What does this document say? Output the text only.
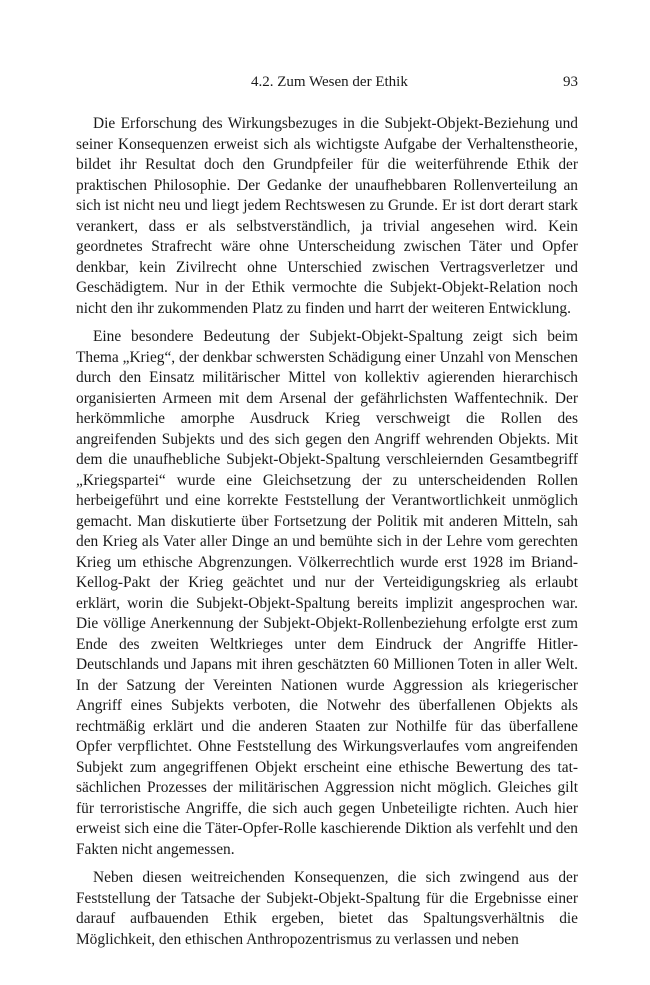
4.2. Zum Wesen der Ethik	93

Die Erforschung des Wirkungsbezuges in die Subjekt-Objekt-Beziehung und seiner Konsequenzen erweist sich als wichtigste Aufgabe der Verhaltenstheorie, bildet ihr Resultat doch den Grundpfeiler für die weiterführende Ethik der praktischen Philosophie. Der Gedanke der unaufhebbaren Rollenverteilung an sich ist nicht neu und liegt jedem Rechtswesen zu Grunde. Er ist dort derart stark verankert, dass er als selbstverständlich, ja trivial angesehen wird. Kein geordnetes Strafrecht wäre ohne Unterscheidung zwischen Täter und Opfer denkbar, kein Zivilrecht ohne Unterschied zwischen Vertragsverletzer und Geschädigtem. Nur in der Ethik vermochte die Subjekt-Objekt-Relation noch nicht den ihr zukommenden Platz zu finden und harrt der weiteren Entwicklung.

Eine besondere Bedeutung der Subjekt-Objekt-Spaltung zeigt sich beim Thema „Krieg“, der denkbar schwersten Schädigung einer Unzahl von Menschen durch den Einsatz militärischer Mittel von kollektiv agierenden hierarchisch organisierten Armeen mit dem Arsenal der gefährlichsten Waffentechnik. Der herkömmliche amorphe Ausdruck Krieg verschweigt die Rollen des angreifenden Subjekts und des sich gegen den Angriff wehrenden Objekts. Mit dem die unaufhebliche Subjekt-Objekt-Spaltung verschleiernden Gesamtbegriff „Kriegspartei“ wurde eine Gleichsetzung der zu unterscheidenden Rollen herbeigeführt und eine korrekte Feststellung der Verantwortlichkeit unmöglich gemacht. Man diskutierte über Fortsetzung der Politik mit anderen Mitteln, sah den Krieg als Vater aller Dinge an und bemühte sich in der Lehre vom gerechten Krieg um ethische Abgrenzungen. Völkerrechtlich wurde erst 1928 im Briand-Kellog-Pakt der Krieg geächtet und nur der Verteidigungskrieg als erlaubt erklärt, worin die Subjekt-Objekt-Spaltung bereits implizit angesprochen war. Die völlige Anerkennung der Subjekt-Objekt-Rollenbeziehung erfolgte erst zum Ende des zweiten Weltkrieges unter dem Eindruck der Angriffe Hitler-Deutschlands und Japans mit ihren geschätzten 60 Millionen Toten in aller Welt. In der Satzung der Vereinten Nationen wurde Aggression als kriegerischer Angriff eines Subjekts verboten, die Notwehr des überfallenen Objekts als rechtmäßig erklärt und die anderen Staaten zur Nothilfe für das überfallene Opfer verpflichtet. Ohne Feststellung des Wirkungsverlaufes vom angreifenden Subjekt zum angegriffenen Objekt erscheint eine ethische Bewertung des tatsächlichen Prozesses der militärischen Aggression nicht möglich. Gleiches gilt für terroristische Angriffe, die sich auch gegen Unbeteiligte richten. Auch hier erweist sich eine die Täter-Opfer-Rolle kaschierende Diktion als verfehlt und den Fakten nicht angemessen.

Neben diesen weitreichenden Konsequenzen, die sich zwingend aus der Feststellung der Tatsache der Subjekt-Objekt-Spaltung für die Ergebnisse einer darauf aufbauenden Ethik ergeben, bietet das Spaltungsverhältnis die Möglichkeit, den ethischen Anthropozentrismus zu verlassen und neben
